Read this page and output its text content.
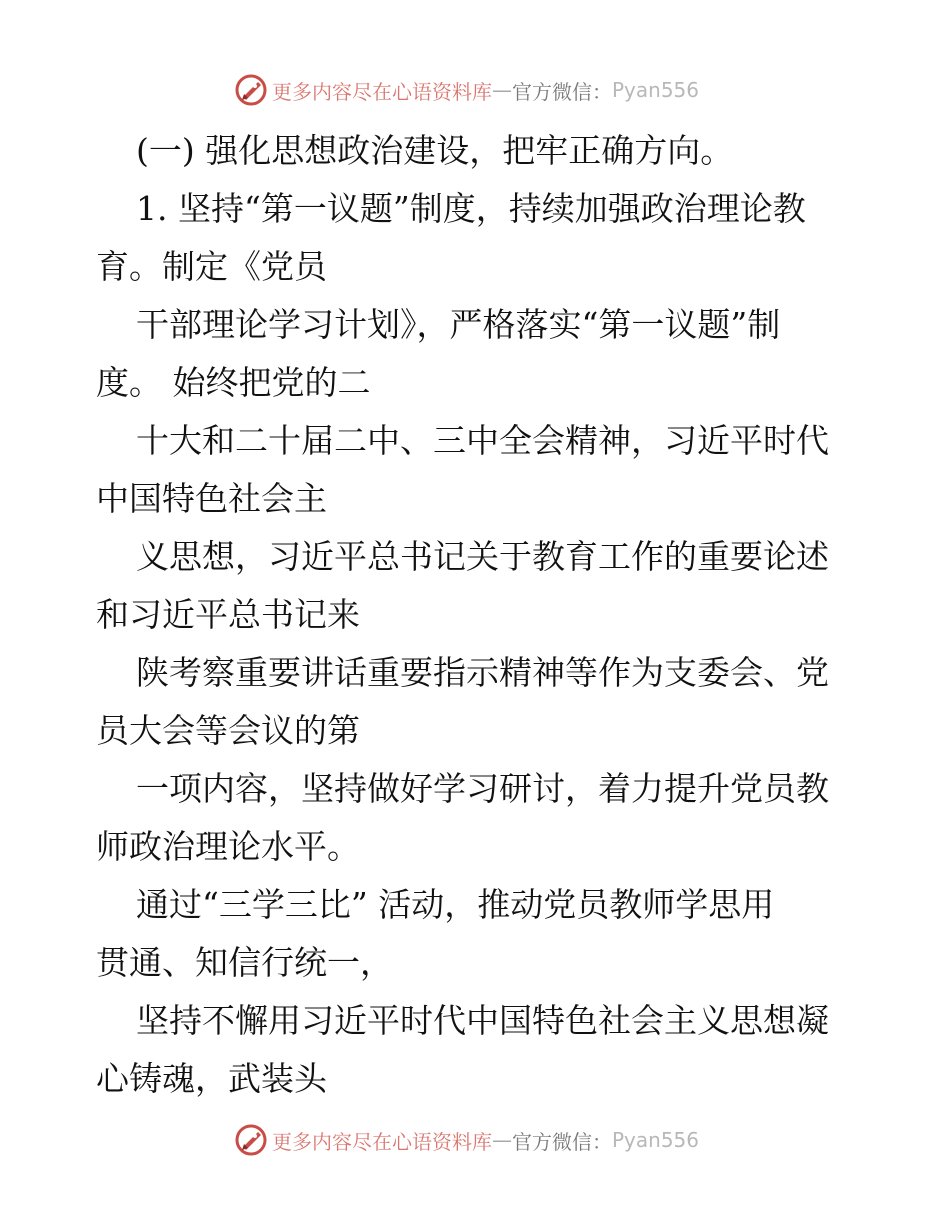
更多内容尽在心语资料库 — 官方微信： Pyan556
(一) 强化思想政治建设，把牢正确方向。
1. 坚持“第一议题”制度，持续加强政治理论教
育。制定《党员
干部理论学习计划》，严格落实“第一议题”制
度。 始终把党的二
十大和二十届二中、三中全会精神，习近平时代
中国特色社会主
义思想，习近平总书记关于教育工作的重要论述
和习近平总书记来
陕考察重要讲话重要指示精神等作为支委会、党
员大会等会议的第
一项内容，坚持做好学习研讨，着力提升党员教
师政治理论水平。
通过“三学三比” 活动，推动党员教师学思用
贯通、知信行统一，
坚持不懈用习近平时代中国特色社会主义思想凝
心铸魂，武装头
更多内容尽在心语资料库 — 官方微信： Pyan556
